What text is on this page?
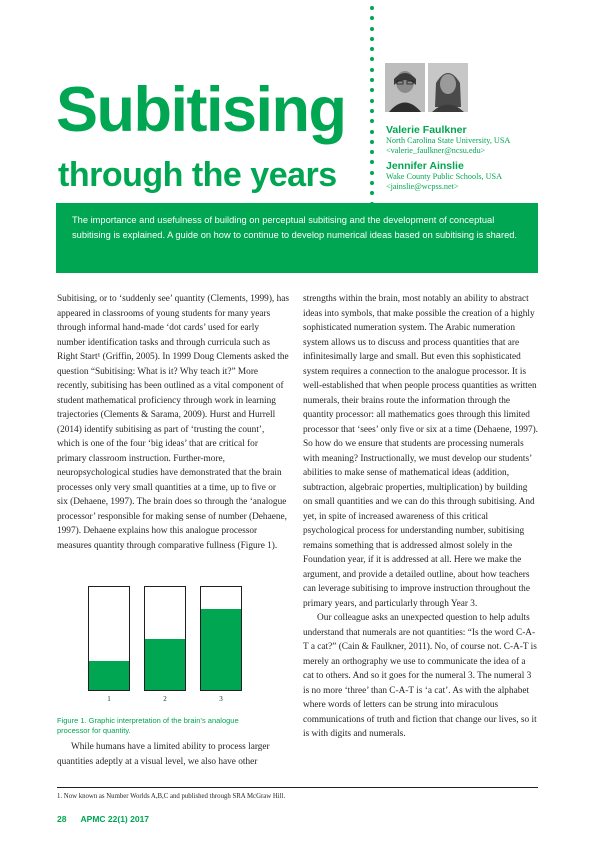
Subitising
through the years
Valerie Faulkner
North Carolina State University, USA
<valerie_faulkner@ncsu.edu>
Jennifer Ainslie
Wake County Public Schools, USA
<jainslie@wcpss.net>
The importance and usefulness of building on perceptual subitising and the development of conceptual subitising is explained. A guide on how to continue to develop numerical ideas based on subitising is shared.

Subitising, or to ‘suddenly see’ quantity (Clements, 1999), has appeared in classrooms of young students for many years through informal hand-made ‘dot cards’ used for early number identification tasks and through curricula such as Right Start¹ (Griffin, 2005). In 1999 Doug Clements asked the question “Subitising: What is it? Why teach it?” More recently, subitising has been outlined as a vital component of student mathematical proficiency through work in learning trajectories (Clements & Sarama, 2009). Hurst and Hurrell (2014) identify subitising as part of ‘trusting the count’, which is one of the four ‘big ideas’ that are critical for primary classroom instruction. Further-more, neuropsychological studies have demonstrated that the brain processes only very small quantities at a time, up to five or six (Dehaene, 1997). The brain does so through the ‘analogue processor’ responsible for making sense of number (Dehaene, 1997). Dehaene explains how this analogue processor measures quantity through comparative fullness (Figure 1).

1	2	3
Figure 1. Graphic interpretation of the brain’s analogue processor for quantity.

While humans have a limited ability to process larger quantities adeptly at a visual level, we also have other

strengths within the brain, most notably an ability to abstract ideas into symbols, that make possible the creation of a highly sophisticated numeration system. The Arabic numeration system allows us to discuss and process quantities that are infinitesimally large and small. But even this sophisticated system requires a connection to the analogue processor. It is well-established that when people process quantities as written numerals, their brains route the information through the quantity processor: all mathematics goes through this limited processor that ‘sees’ only five or six at a time (Dehaene, 1997). So how do we ensure that students are processing numerals with meaning? Instructionally, we must develop our students’ abilities to make sense of mathematical ideas (addition, subtraction, algebraic properties, multiplication) by building on small quantities and we can do this through subitising. And yet, in spite of increased awareness of this critical psychological process for understanding number, subitising remains something that is addressed almost solely in the Foundation year, if it is addressed at all. Here we make the argument, and provide a detailed outline, about how teachers can leverage subitising to improve instruction throughout the primary years, and particularly through Year 3.

Our colleague asks an unexpected question to help adults understand that numerals are not quantities: “Is the word C-A-T a cat?” (Cain & Faulkner, 2011). No, of course not. C-A-T is merely an orthography we use to communicate the idea of a cat to others. And so it goes for the numeral 3. The numeral 3 is no more ‘three’ than C-A-T is ‘a cat’. As with the alphabet where words of letters can be strung into miraculous communications of truth and fiction that change our lives, so it is with digits and numerals.

1. Now known as Number Worlds A,B,C and published through SRA McGraw Hill.
28 APMC 22(1) 2017
